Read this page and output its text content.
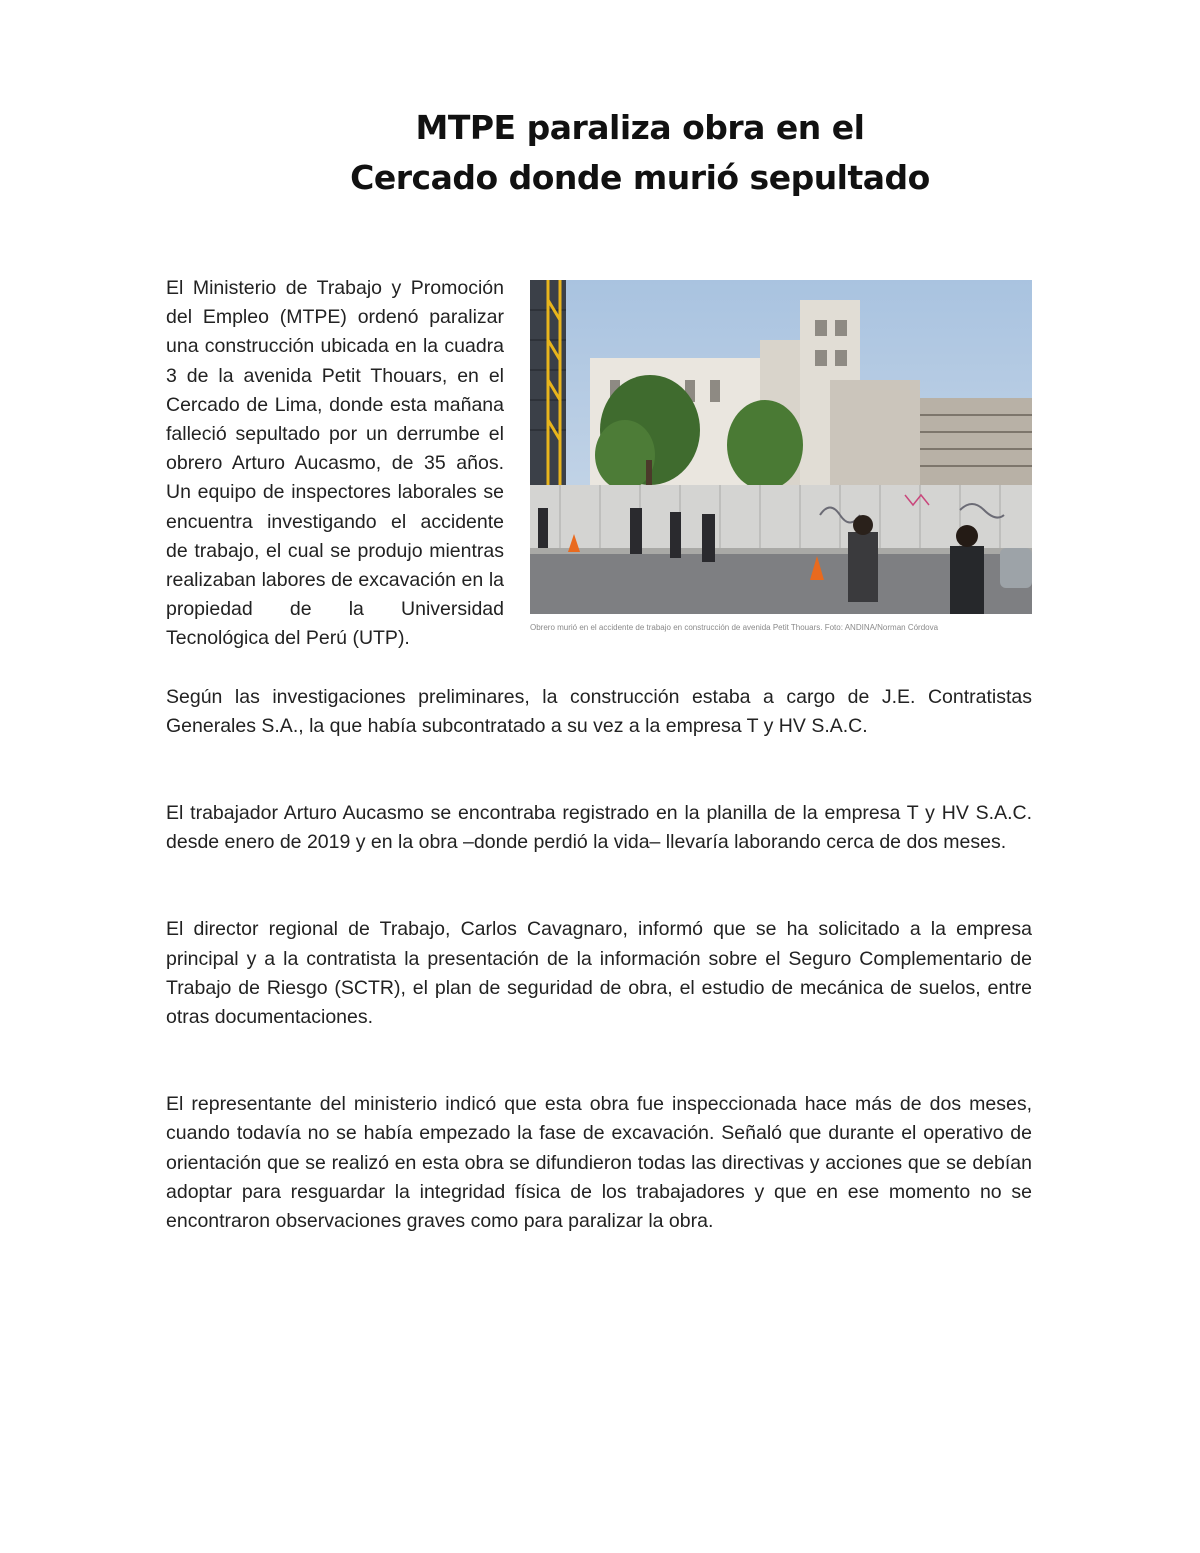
MTPE paraliza obra en el
Cercado donde murió sepultado
Obrero murió en el accidente de trabajo en construcción de avenida Petit Thouars. Foto: ANDINA/Norman Córdova

El Ministerio de Trabajo y Promoción del Empleo (MTPE) ordenó paralizar una construcción ubicada en la cuadra 3 de la avenida Petit Thouars, en el Cercado de Lima, donde esta mañana falleció sepultado por un derrumbe el obrero Arturo Aucasmo, de 35 años. Un equipo de inspectores laborales se encuentra investigando el accidente de trabajo, el cual se produjo mientras realizaban labores de excavación en la propiedad de la Universidad Tecnológica del Perú (UTP).

Según las investigaciones preliminares, la construcción estaba a cargo de J.E. Contratistas Generales S.A., la que había subcontratado a su vez a la empresa T y HV S.A.C.

El trabajador Arturo Aucasmo se encontraba registrado en la planilla de la empresa T y HV S.A.C. desde enero de 2019 y en la obra –donde perdió la vida– llevaría laborando cerca de dos meses.

El director regional de Trabajo, Carlos Cavagnaro, informó que se ha solicitado a la empresa principal y a la contratista la presentación de la información sobre el Seguro Complementario de Trabajo de Riesgo (SCTR), el plan de seguridad de obra, el estudio de mecánica de suelos, entre otras documentaciones.

El representante del ministerio indicó que esta obra fue inspeccionada hace más de dos meses, cuando todavía no se había empezado la fase de excavación. Señaló que durante el operativo de orientación que se realizó en esta obra se difundieron todas las directivas y acciones que se debían adoptar para resguardar la integridad física de los trabajadores y que en ese momento no se encontraron observaciones graves como para paralizar la obra.
